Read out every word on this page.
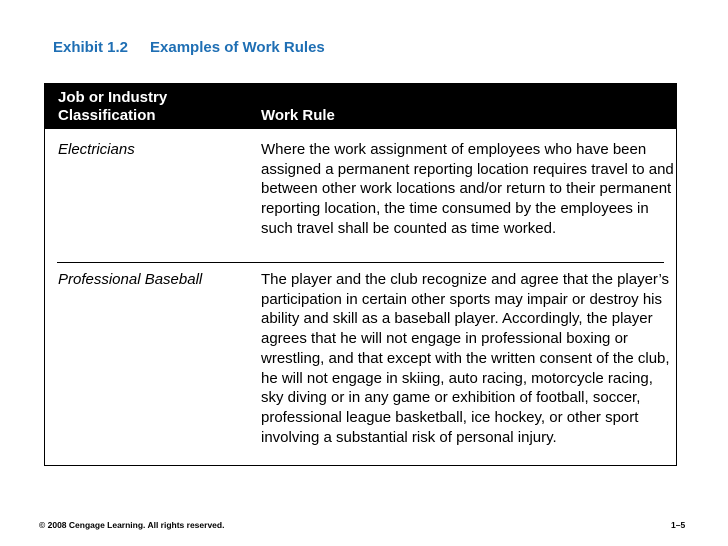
Exhibit 1.2 Examples of Work Rules
Job or Industry
Classification	Work Rule
Electricians	Where the work assignment of employees who have been assigned a permanent reporting location requires travel to and between other work locations and/or return to their permanent reporting location, the time consumed by the employees in such travel shall be counted as time worked.
Professional Baseball	The player and the club recognize and agree that the player’s participation in certain other sports may impair or destroy his ability and skill as a baseball player. Accordingly, the player agrees that he will not engage in professional boxing or wrestling, and that except with the written consent of the club, he will not engage in skiing, auto racing, motorcycle racing, sky diving or in any game or exhibition of football, soccer, professional league basketball, ice hockey, or other sport involving a substantial risk of personal injury.
© 2008 Cengage Learning. All rights reserved.	1–5
